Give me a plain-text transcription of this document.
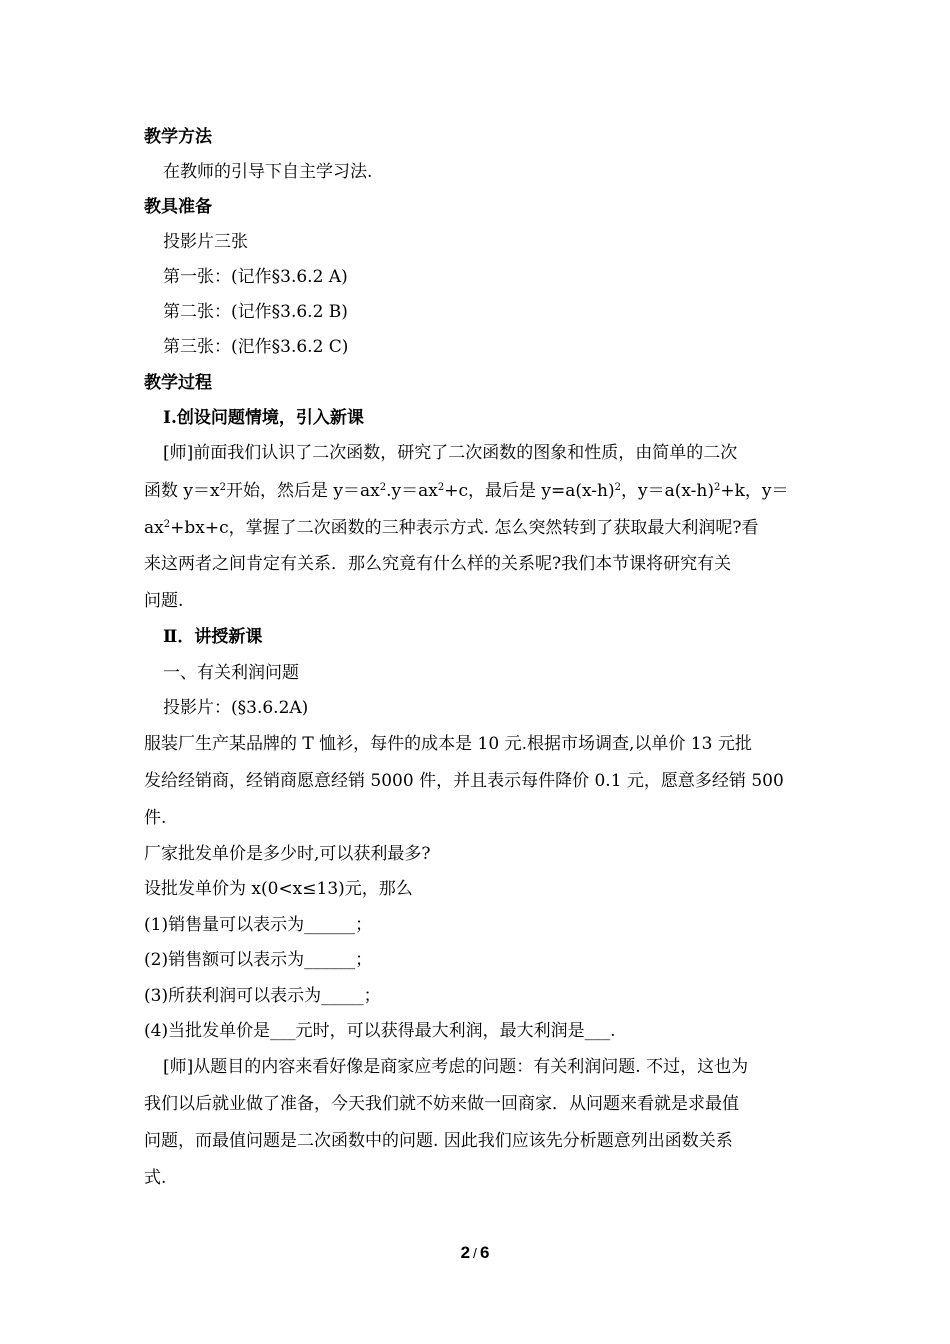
教学方法
在教师的引导下自主学习法.
教具准备
投影片三张
第一张：(记作§3.6.2 A)
第二张：(记作§3.6.2 B)
第三张：(汜作§3.6.2 C)
教学过程
Ⅰ.创设问题情境，引入新课
[师]前面我们认识了二次函数，研究了二次函数的图象和性质，由简单的二次
函数 $y=x^2$开始，然后是 $y=ax^2.y=ax^2+c$，最后是 $y=a(x-h)^2$，$y=a(x-h)^2+k$，y＝
$ax^2+bx+c$，掌握了二次函数的三种表示方式. 怎么突然转到了获取最大利润呢?看
来这两者之间肯定有关系．那么究竟有什么样的关系呢?我们本节课将研究有关
问题.
Ⅱ．讲授新课
一、有关利润问题
投影片：(§3.6.2A)
服装厂生产某品牌的 T 恤衫，每件的成本是 10 元.根据市场调查,以单价 13 元批
发给经销商，经销商愿意经销 5000 件，并且表示每件降价 0.1 元，愿意多经销 500
件.
厂家批发单价是多少时,可以获利最多?
设批发单价为 x(0<x≤13)元，那么
(1)销售量可以表示为______；
(2)销售额可以表示为______；
(3)所获利润可以表示为_____；
(4)当批发单价是___元时，可以获得最大利润，最大利润是___.
[师]从题目的内容来看好像是商家应考虑的问题：有关利润问题. 不过，这也为
我们以后就业做了准备，今天我们就不妨来做一回商家．从问题来看就是求最值
问题，而最值问题是二次函数中的问题. 因此我们应该先分析题意列出函数关系
式.
2 / 6
